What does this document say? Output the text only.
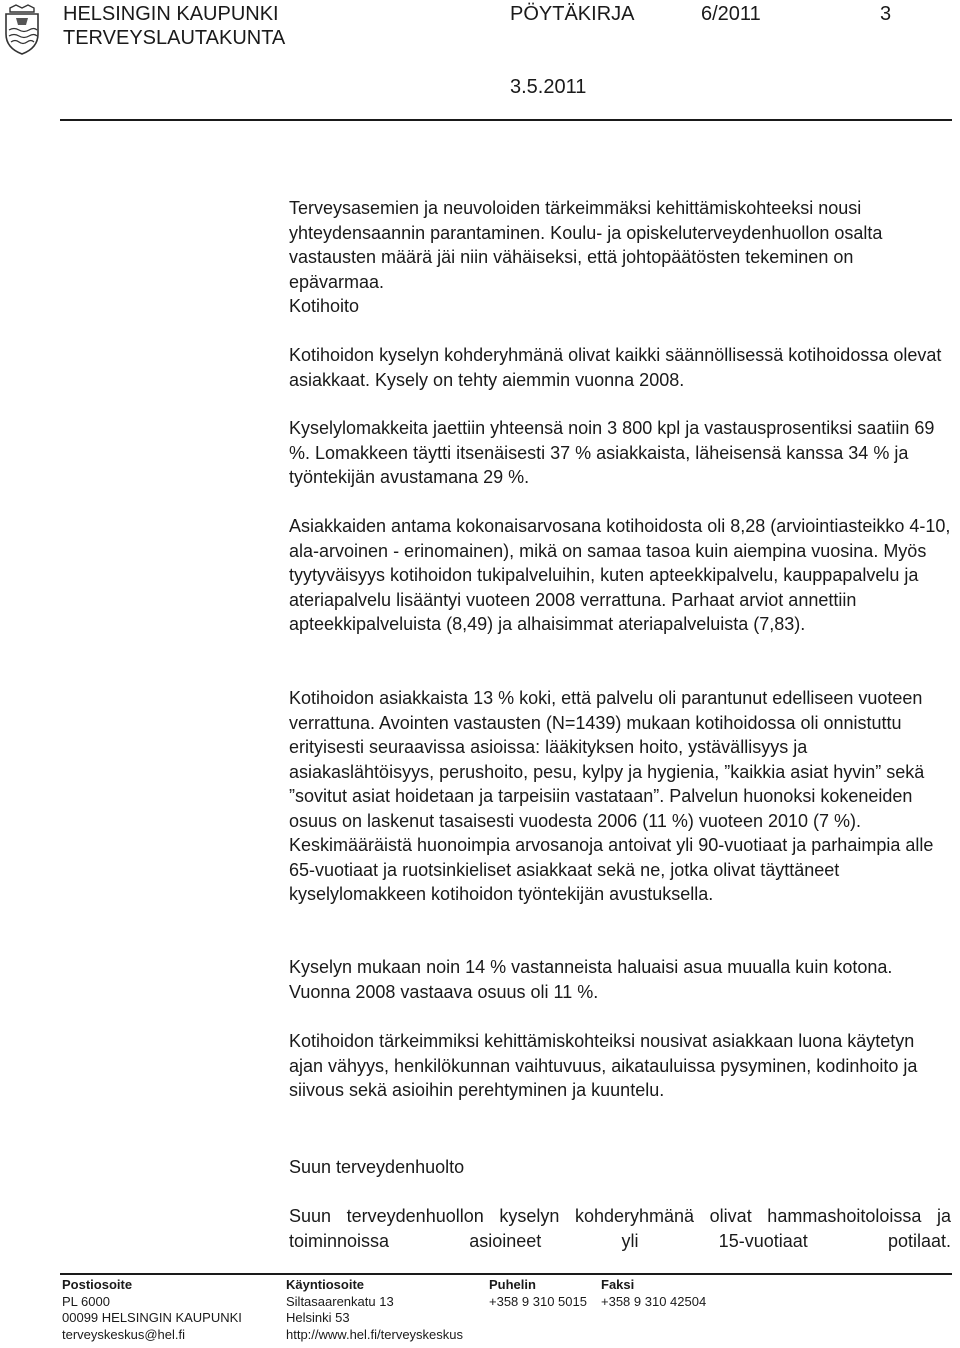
HELSINGIN KAUPUNKI
TERVEYSLAUTAKUNTA
PÖYTÄKIRJA	6/2011	3
3.5.2011

Terveysasemien ja neuvoloiden tärkeimmäksi kehittämiskohteeksi nousi yhteydensaannin parantaminen. Koulu- ja opiskeluterveydenhuollon osalta vastausten määrä jäi niin vähäiseksi, että johtopäätösten tekeminen on epävarmaa.

Kotihoito

Kotihoidon kyselyn kohderyhmänä olivat kaikki säännöllisessä kotihoidossa olevat asiakkaat. Kysely on tehty aiemmin vuonna 2008.

Kyselylomakkeita jaettiin yhteensä noin 3 800 kpl ja vastausprosentiksi saatiin 69 %. Lomakkeen täytti itsenäisesti 37 % asiakkaista, läheisensä kanssa 34 % ja työntekijän avustamana 29 %.

Asiakkaiden antama kokonaisarvosana kotihoidosta oli 8,28 (arviointiasteikko 4-10, ala-arvoinen - erinomainen), mikä on samaa tasoa kuin aiempina vuosina. Myös tyytyväisyys kotihoidon tukipalveluihin, kuten apteekkipalvelu, kauppapalvelu ja ateriapalvelu lisääntyi vuoteen 2008 verrattuna. Parhaat arviot annettiin apteekkipalveluista (8,49) ja alhaisimmat ateriapalveluista (7,83).

Kotihoidon asiakkaista 13 % koki, että palvelu oli parantunut edelliseen vuoteen verrattuna. Avointen vastausten (N=1439) mukaan kotihoidossa oli onnistuttu erityisesti seuraavissa asioissa: lääkityksen hoito, ystävällisyys ja asiakaslähtöisyys, perushoito, pesu, kylpy ja hygienia, ”kaikkia asiat hyvin” sekä ”sovitut asiat hoidetaan ja tarpeisiin vastataan”. Palvelun huonoksi kokeneiden osuus on laskenut tasaisesti vuodesta 2006 (11 %) vuoteen 2010 (7 %). Keskimääräistä huonoimpia arvosanoja antoivat yli 90-vuotiaat ja parhaimpia alle 65-vuotiaat ja ruotsinkieliset asiakkaat sekä ne, jotka olivat täyttäneet kyselylomakkeen kotihoidon työntekijän avustuksella.

Kyselyn mukaan noin 14 % vastanneista haluaisi asua muualla kuin kotona. Vuonna 2008 vastaava osuus oli 11 %.

Kotihoidon tärkeimmiksi kehittämiskohteiksi nousivat asiakkaan luona käytetyn ajan vähyys, henkilökunnan vaihtuvuus, aikatauluissa pysyminen, kodinhoito ja siivous sekä asioihin perehtyminen ja kuuntelu.

Suun terveydenhuolto

Suun terveydenhuollon kyselyn kohderyhmänä olivat hammashoitoloissa ja toiminnoissa asioineet yli 15-vuotiaat potilaat.

Postiosoite
PL 6000
00099 HELSINGIN KAUPUNKI
terveyskeskus@hel.fi
Käyntiosoite
Siltasaarenkatu 13
Helsinki 53
http://www.hel.fi/terveyskeskus
Puhelin
+358 9 310 5015
Faksi
+358 9 310 42504
